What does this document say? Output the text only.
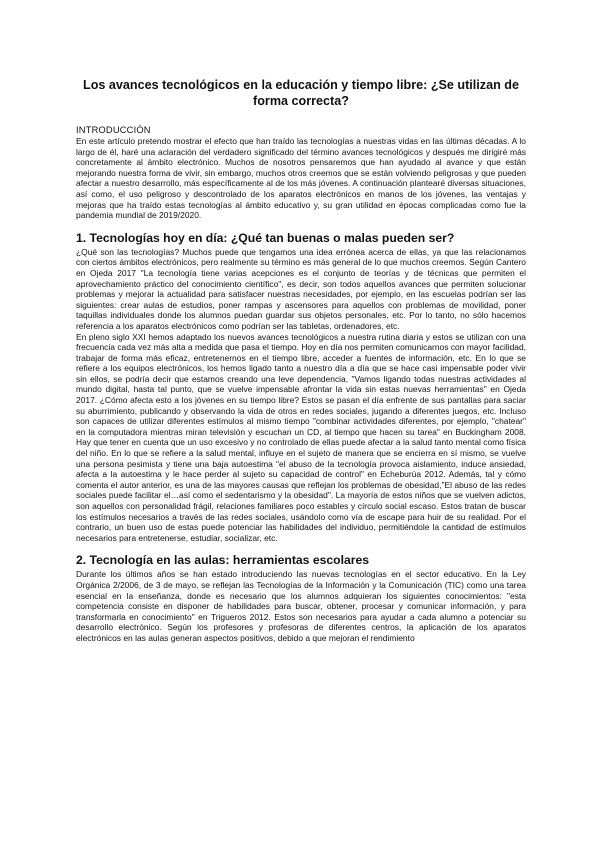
Los avances tecnológicos en la educación y tiempo libre: ¿Se utilizan de forma correcta?
INTRODUCCIÓN

En este artículo pretendo mostrar el efecto que han traído las tecnologías a nuestras vidas en las últimas décadas. A lo largo de él, haré una aclaración del verdadero significado del término avances tecnológicos y después me dirigiré más concretamente al ámbito electrónico. Muchos de nosotros pensaremos que han ayudado al avance y que están mejorando nuestra forma de vivir, sin embargo, muchos otros creemos que se están volviendo peligrosas y que pueden afectar a nuestro desarrollo, más específicamente al de los más jóvenes. A continuación plantearé diversas situaciones, así como, el uso peligroso y descontrolado de los aparatos electrónicos en manos de los jóvenes, las ventajas y mejoras que ha traído estas tecnologías al ámbito educativo y, su gran utilidad en épocas complicadas como fue la pandemia mundial de 2019/2020.

1. Tecnologías hoy en día: ¿Qué tan buenas o malas pueden ser?

¿Qué son las tecnologías? Muchos puede que tengamos una idea errónea acerca de ellas, ya que las relacionamos con ciertos ámbitos electrónicos, pero realmente su término es más general de lo que muchos creemos. Según Cantero en Ojeda 2017 "La tecnología tiene varias acepciones es el conjunto de teorías y de técnicas que permiten el aprovechamiento práctico del conocimiento científico", es decir, son todos aquellos avances que permiten solucionar problemas y mejorar la actualidad para satisfacer nuestras necesidades, por ejemplo, en las escuelas podrían ser las siguientes: crear aulas de estudios, poner rampas y ascensores para aquellos con problemas de movilidad, poner taquillas individuales donde los alumnos puedan guardar sus objetos personales, etc. Por lo tanto, no sólo hacemos referencia a los aparatos electrónicos como podrían ser las tabletas, ordenadores, etc.

En pleno siglo XXI hemos adaptado los nuevos avances tecnológicos a nuestra rutina diaria y estos se utilizan con una frecuencia cada vez más alta a medida que pasa el tiempo. Hoy en día nos permiten comunicarnos con mayor facilidad, trabajar de forma más eficaz, entretenernos en el tiempo libre, acceder a fuentes de información, etc. En lo que se refiere a los equipos electrónicos, los hemos ligado tanto a nuestro día a día que se hace casi impensable poder vivir sin ellos, se podría decir que estamos creando una leve dependencia, "Vamos ligando todas nuestras actividades al mundo digital, hasta tal punto, que se vuelve impensable afrontar la vida sin estas nuevas herramientas" en Ojeda 2017. ¿Cómo afecta esto a los jóvenes en su tiempo libre? Estos se pasan el día enfrente de sus pantallas para saciar su aburrimiento, publicando y observando la vida de otros en redes sociales, jugando a diferentes juegos, etc. Incluso son capaces de utilizar diferentes estímulos al mismo tiempo "combinar actividades diferentes, por ejemplo, "chatear" en la computadora mientras miran televisión y escuchan un CD, al tiempo que hacen su tarea" en Buckingham 2008. Hay que tener en cuenta que un uso excesivo y no controlado de ellas puede afectar a la salud tanto mental como física del niño. En lo que se refiere a la salud mental, influye en el sujeto de manera que se encierra en sí mismo, se vuelve una persona pesimista y tiene una baja autoestima "el abuso de la tecnología provoca aislamiento, induce ansiedad, afecta a la autoestima y le hace perder al sujeto su capacidad de control" en Echeburúa 2012. Además, tal y cómo comenta el autor anterior, es una de las mayores causas que reflejan los problemas de obesidad,"El abuso de las redes sociales puede facilitar el…así como el sedentarismo y la obesidad". La mayoría de estos niños que se vuelven adictos, son aquellos con personalidad frágil, relaciones familiares poco estables y círculo social escaso. Estos tratan de buscar los estímulos necesarios a través de las redes sociales, usándolo como vía de escape para huir de su realidad. Por el contrario, un buen uso de estas puede potenciar las habilidades del individuo, permitiéndole la cantidad de estímulos necesarios para entretenerse, estudiar, socializar, etc.

2. Tecnología en las aulas: herramientas escolares

Durante los últimos años se han estado introduciendo las nuevas tecnologías en el sector educativo. En la Ley Orgánica 2/2006, de 3 de mayo, se reflejan las Tecnologías de la Información y la Comunicación (TIC) como una tarea esencial en la enseñanza, donde es necesario que los alumnos adquieran los siguientes conocimientos: "esta competencia consiste en disponer de habilidades para buscar, obtener, procesar y comunicar información, y para transformarla en conocimiento" en Trigueros 2012. Estos son necesarios para ayudar a cada alumno a potenciar su desarrollo electrónico. Según los profesores y profesoras de diferentes centros, la aplicación de los aparatos electrónicos en las aulas generan aspectos positivos, debido a que mejoran el rendimiento
